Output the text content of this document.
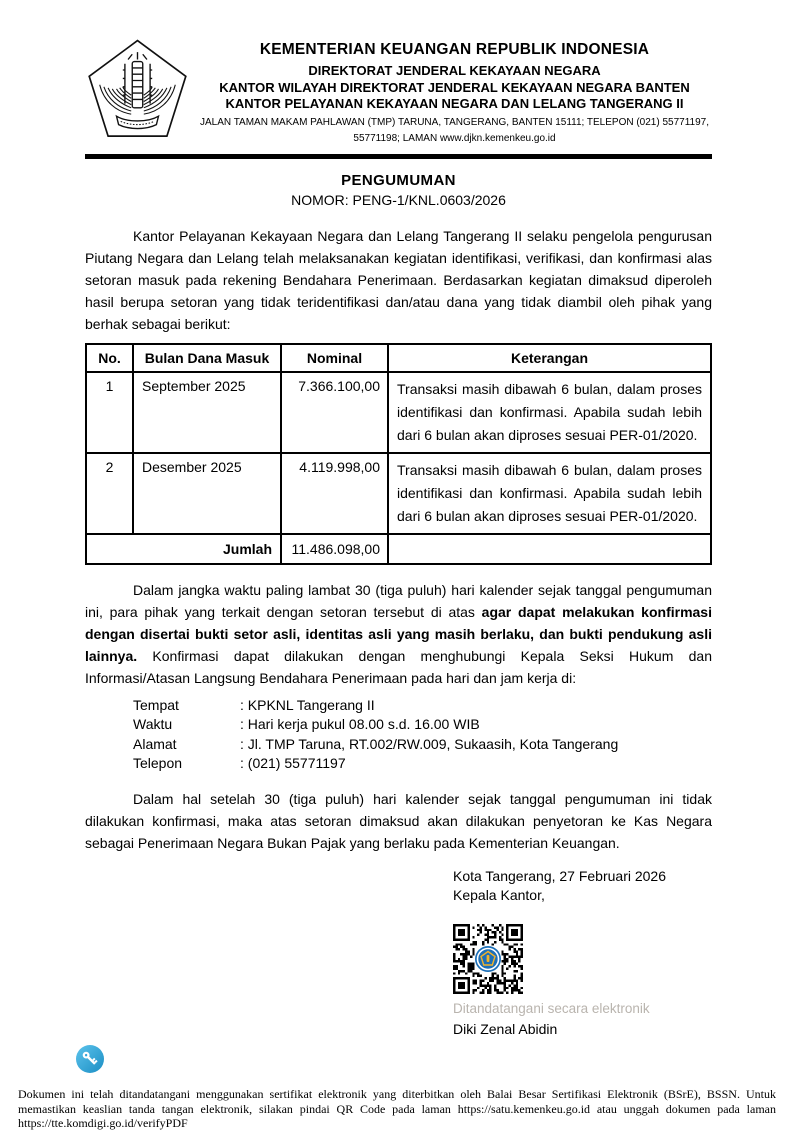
KEMENTERIAN KEUANGAN REPUBLIK INDONESIA
DIREKTORAT JENDERAL KEKAYAAN NEGARA
KANTOR WILAYAH DIREKTORAT JENDERAL KEKAYAAN NEGARA BANTEN
KANTOR PELAYANAN KEKAYAAN NEGARA DAN LELANG TANGERANG II
JALAN TAMAN MAKAM PAHLAWAN (TMP) TARUNA, TANGERANG, BANTEN 15111; TELEPON (021) 55771197,
55771198; LAMAN www.djkn.kemenkeu.go.id
PENGUMUMAN
NOMOR: PENG-1/KNL.0603/2026

Kantor Pelayanan Kekayaan Negara dan Lelang Tangerang II selaku pengelola pengurusan Piutang Negara dan Lelang telah melaksanakan kegiatan identifikasi, verifikasi, dan konfirmasi alas setoran masuk pada rekening Bendahara Penerimaan. Berdasarkan kegiatan dimaksud diperoleh hasil berupa setoran yang tidak teridentifikasi dan/atau dana yang tidak diambil oleh pihak yang berhak sebagai berikut:

No.	Bulan Dana Masuk	Nominal	Keterangan
1	September 2025	7.366.100,00	Transaksi masih dibawah 6 bulan, dalam proses identifikasi dan konfirmasi. Apabila sudah lebih dari 6 bulan akan diproses sesuai PER-01/2020.
2	Desember 2025	4.119.998,00	Transaksi masih dibawah 6 bulan, dalam proses identifikasi dan konfirmasi. Apabila sudah lebih dari 6 bulan akan diproses sesuai PER-01/2020.
Jumlah		11.486.098,00	

Dalam jangka waktu paling lambat 30 (tiga puluh) hari kalender sejak tanggal pengumuman ini, para pihak yang terkait dengan setoran tersebut di atas agar dapat melakukan konfirmasi dengan disertai bukti setor asli, identitas asli yang masih berlaku, dan bukti pendukung asli lainnya. Konfirmasi dapat dilakukan dengan menghubungi Kepala Seksi Hukum dan Informasi/Atasan Langsung Bendahara Penerimaan pada hari dan jam kerja di:

Tempat	: KPKNL Tangerang II
Waktu	: Hari kerja pukul 08.00 s.d. 16.00 WIB
Alamat	: Jl. TMP Taruna, RT.002/RW.009, Sukaasih, Kota Tangerang
Telepon	: (021) 55771197

Dalam hal setelah 30 (tiga puluh) hari kalender sejak tanggal pengumuman ini tidak dilakukan konfirmasi, maka atas setoran dimaksud akan dilakukan penyetoran ke Kas Negara sebagai Penerimaan Negara Bukan Pajak yang berlaku pada Kementerian Keuangan.

Kota Tangerang, 27 Februari 2026
Kepala Kantor,
Ditandatangani secara elektronik
Diki Zenal Abidin
Dokumen ini telah ditandatangani menggunakan sertifikat elektronik yang diterbitkan oleh Balai Besar Sertifikasi Elektronik (BSrE), BSSN. Untuk memastikan keaslian tanda tangan elektronik, silakan pindai QR Code pada laman https://satu.kemenkeu.go.id atau unggah dokumen pada laman https://tte.komdigi.go.id/verifyPDF
